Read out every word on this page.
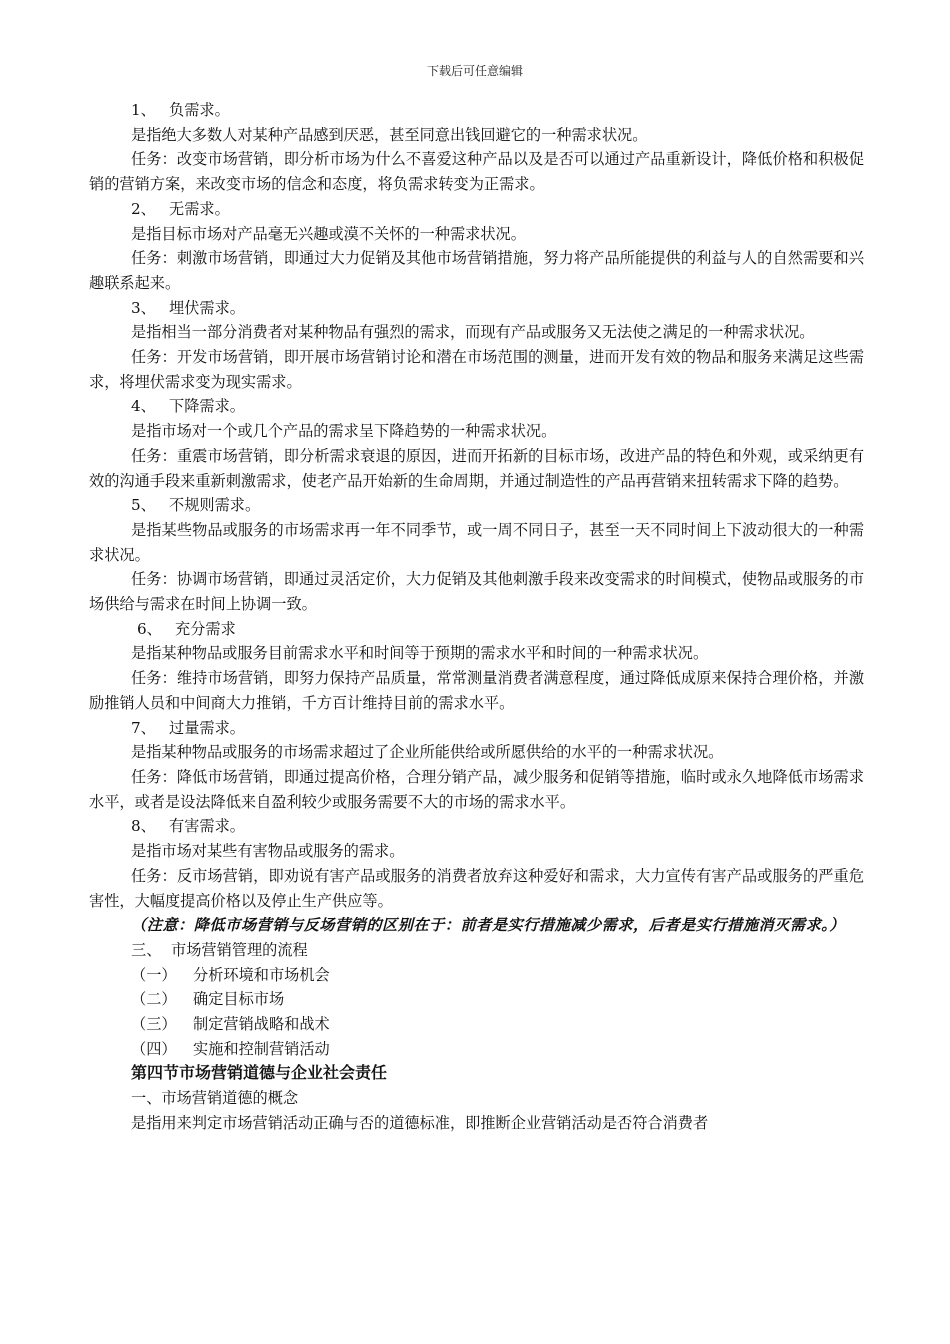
下载后可任意编辑

1、 负需求。

是指绝大多数人对某种产品感到厌恶，甚至同意出钱回避它的一种需求状况。

任务：改变市场营销，即分析市场为什么不喜爱这种产品以及是否可以通过产品重新设计，降低价格和积极促销的营销方案，来改变市场的信念和态度，将负需求转变为正需求。

2、 无需求。

是指目标市场对产品毫无兴趣或漠不关怀的一种需求状况。

任务：刺激市场营销，即通过大力促销及其他市场营销措施，努力将产品所能提供的利益与人的自然需要和兴趣联系起来。

3、 埋伏需求。

是指相当一部分消费者对某种物品有强烈的需求，而现有产品或服务又无法使之满足的一种需求状况。

任务：开发市场营销，即开展市场营销讨论和潜在市场范围的测量，进而开发有效的物品和服务来满足这些需求，将埋伏需求变为现实需求。

4、 下降需求。

是指市场对一个或几个产品的需求呈下降趋势的一种需求状况。

任务：重震市场营销，即分析需求衰退的原因，进而开拓新的目标市场，改进产品的特色和外观，或采纳更有效的沟通手段来重新刺激需求，使老产品开始新的生命周期，并通过制造性的产品再营销来扭转需求下降的趋势。

5、 不规则需求。

是指某些物品或服务的市场需求再一年不同季节，或一周不同日子，甚至一天不同时间上下波动很大的一种需求状况。

任务：协调市场营销，即通过灵活定价，大力促销及其他刺激手段来改变需求的时间模式，使物品或服务的市场供给与需求在时间上协调一致。

6、 充分需求

是指某种物品或服务目前需求水平和时间等于预期的需求水平和时间的一种需求状况。

任务：维持市场营销，即努力保持产品质量，常常测量消费者满意程度，通过降低成原来保持合理价格，并激励推销人员和中间商大力推销，千方百计维持目前的需求水平。

7、 过量需求。

是指某种物品或服务的市场需求超过了企业所能供给或所愿供给的水平的一种需求状况。

任务：降低市场营销，即通过提高价格，合理分销产品，减少服务和促销等措施，临时或永久地降低市场需求水平，或者是设法降低来自盈利较少或服务需要不大的市场的需求水平。

8、 有害需求。

是指市场对某些有害物品或服务的需求。

任务：反市场营销，即劝说有害产品或服务的消费者放弃这种爱好和需求，大力宣传有害产品或服务的严重危害性，大幅度提高价格以及停止生产供应等。

（注意：降低市场营销与反场营销的区别在于：前者是实行措施减少需求，后者是实行措施消灭需求。）

三、 市场营销管理的流程

（一） 分析环境和市场机会

（二） 确定目标市场

（三） 制定营销战略和战术

（四） 实施和控制营销活动

第四节市场营销道德与企业社会责任

一、市场营销道德的概念

是指用来判定市场营销活动正确与否的道德标准，即推断企业营销活动是否符合消费者
